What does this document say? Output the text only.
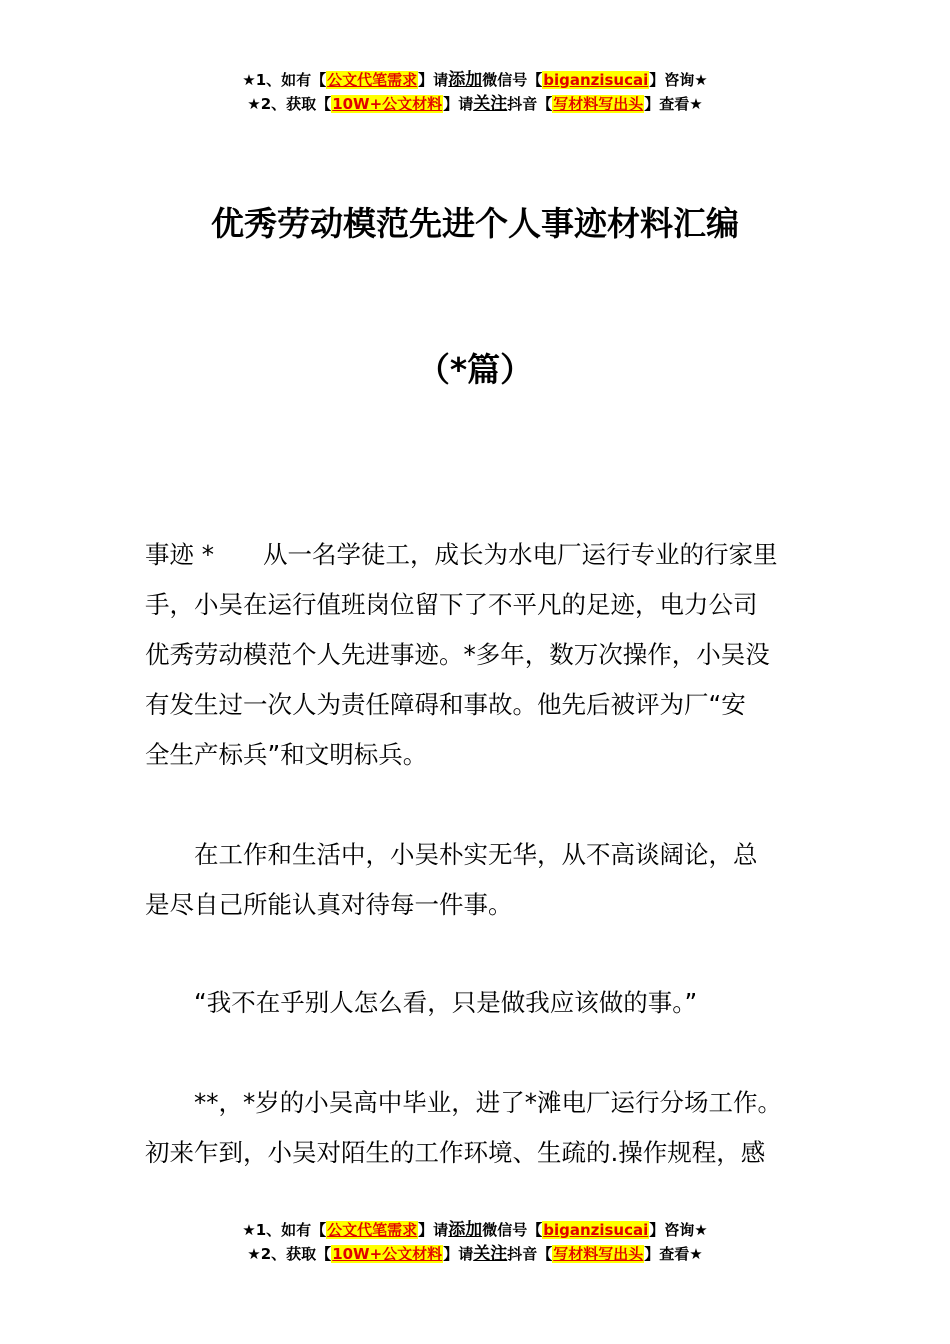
★1、如有【公文代笔需求】请添加微信号【biganzisucai】咨询★
★2、获取【10W+公文材料】请关注抖音【写材料写出头】查看★
优秀劳动模范先进个人事迹材料汇编
（*篇）

事迹 *　　从一名学徒工，成长为水电厂运行专业的行家里

手，小吴在运行值班岗位留下了不平凡的足迹，电力公司

优秀劳动模范个人先进事迹。*多年，数万次操作，小吴没

有发生过一次人为责任障碍和事故。他先后被评为厂“安

全生产标兵”和文明标兵。

　　在工作和生活中，小吴朴实无华，从不高谈阔论，总

是尽自己所能认真对待每一件事。

　　“我不在乎别人怎么看，只是做我应该做的事。”

　　**，*岁的小吴高中毕业，进了*滩电厂运行分场工作。

初来乍到，小吴对陌生的工作环境、生疏的.操作规程，感

★1、如有【公文代笔需求】请添加微信号【biganzisucai】咨询★
★2、获取【10W+公文材料】请关注抖音【写材料写出头】查看★
